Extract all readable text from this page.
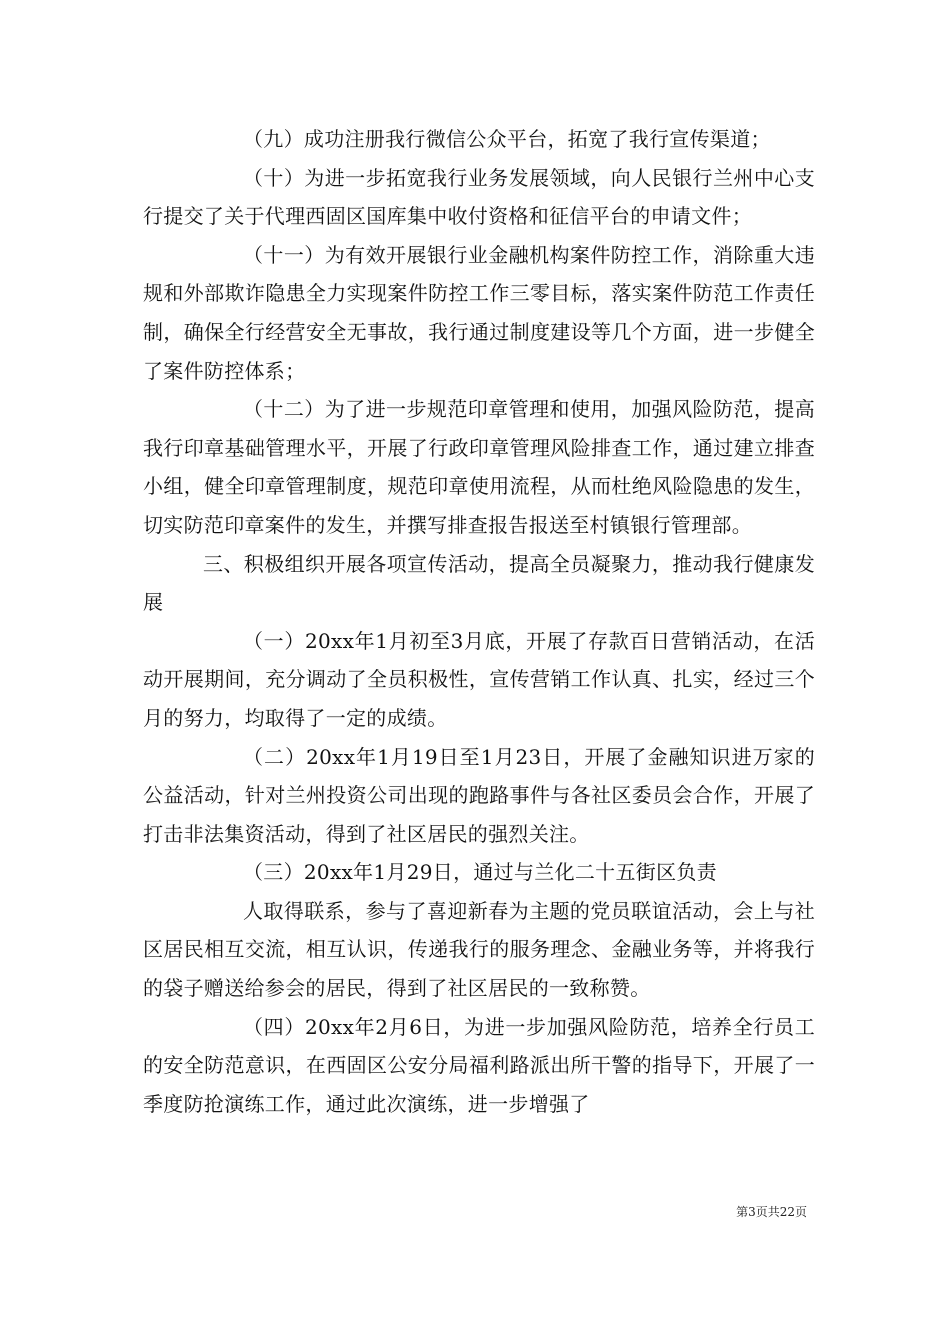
（九）成功注册我行微信公众平台，拓宽了我行宣传渠道；

（十）为进一步拓宽我行业务发展领域，向人民银行兰州中心支行提交了关于代理西固区国库集中收付资格和征信平台的申请文件；

（十一）为有效开展银行业金融机构案件防控工作，消除重大违规和外部欺诈隐患全力实现案件防控工作三零目标，落实案件防范工作责任制，确保全行经营安全无事故，我行通过制度建设等几个方面，进一步健全了案件防控体系；

（十二）为了进一步规范印章管理和使用，加强风险防范，提高我行印章基础管理水平，开展了行政印章管理风险排查工作，通过建立排查小组，健全印章管理制度，规范印章使用流程，从而杜绝风险隐患的发生，切实防范印章案件的发生，并撰写排查报告报送至村镇银行管理部。

三、积极组织开展各项宣传活动，提高全员凝聚力，推动我行健康发展

（一）20xx年1月初至3月底，开展了存款百日营销活动，在活动开展期间，充分调动了全员积极性，宣传营销工作认真、扎实，经过三个月的努力，均取得了一定的成绩。

（二）20xx年1月19日至1月23日，开展了金融知识进万家的公益活动，针对兰州投资公司出现的跑路事件与各社区委员会合作，开展了打击非法集资活动，得到了社区居民的强烈关注。

（三）20xx年1月29日，通过与兰化二十五街区负责

人取得联系，参与了喜迎新春为主题的党员联谊活动，会上与社区居民相互交流，相互认识，传递我行的服务理念、金融业务等，并将我行的袋子赠送给参会的居民，得到了社区居民的一致称赞。

（四）20xx年2月6日，为进一步加强风险防范，培养全行员工的安全防范意识，在西固区公安分局福利路派出所干警的指导下，开展了一季度防抢演练工作，通过此次演练，进一步增强了

第3页共22页
